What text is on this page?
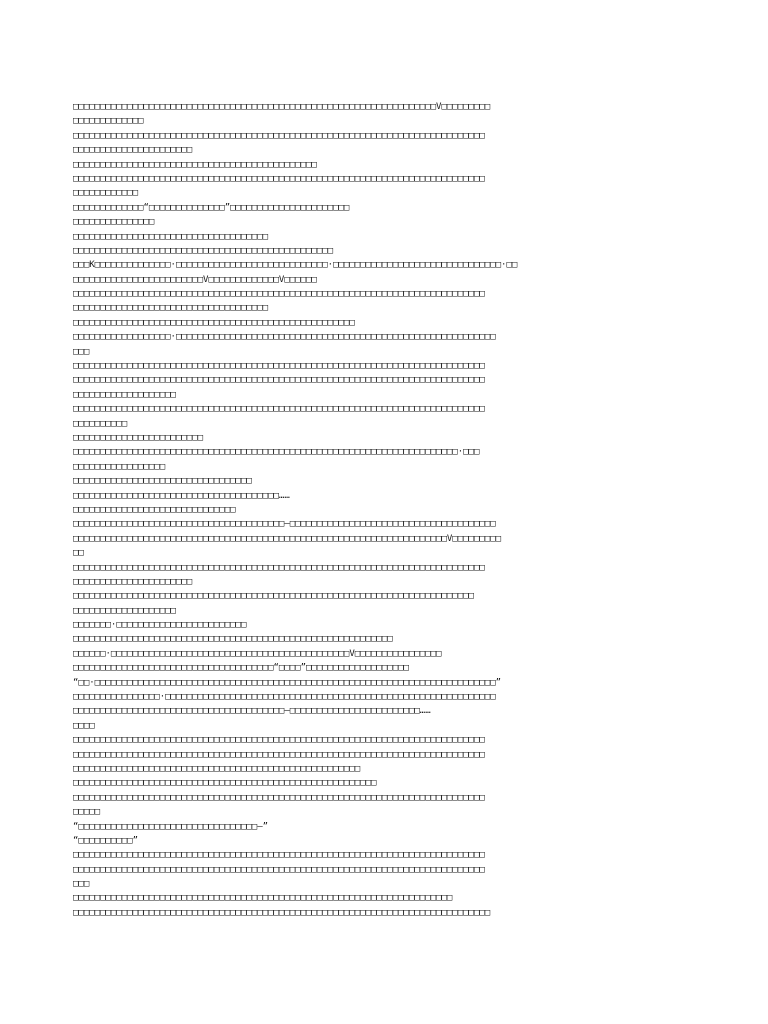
□□□□□□□□□□□□□□□□□□□□□□□□□□□□□□□□□□□□□□□□□□□□□□□□□□□□□□□□□□□□□□□□□□□V□□□□□□□□□

□□□□□□□□□□□□□

□□□□□□□□□□□□□□□□□□□□□□□□□□□□□□□□□□□□□□□□□□□□□□□□□□□□□□□□□□□□□□□□□□□□□□□□□□□□

□□□□□□□□□□□□□□□□□□□□□□

□□□□□□□□□□□□□□□□□□□□□□□□□□□□□□□□□□□□□□□□□□□□□

□□□□□□□□□□□□□□□□□□□□□□□□□□□□□□□□□□□□□□□□□□□□□□□□□□□□□□□□□□□□□□□□□□□□□□□□□□□□

□□□□□□□□□□□□

□□□□□□□□□□□□□“□□□□□□□□□□□□□□”□□□□□□□□□□□□□□□□□□□□□□

□□□□□□□□□□□□□□□

□□□□□□□□□□□□□□□□□□□□□□□□□□□□□□□□□□□□

□□□□□□□□□□□□□□□□□□□□□□□□□□□□□□□□□□□□□□□□□□□□□□□□

□□□K□□□□□□□□□□□□□□·□□□□□□□□□□□□□□□□□□□□□□□□□□□□·□□□□□□□□□□□□□□□□□□□□□□□□□□□□□□□·□□

□□□□□□□□□□□□□□□□□□□□□□□□V□□□□□□□□□□□□□V□□□□□□

□□□□□□□□□□□□□□□□□□□□□□□□□□□□□□□□□□□□□□□□□□□□□□□□□□□□□□□□□□□□□□□□□□□□□□□□□□□□

□□□□□□□□□□□□□□□□□□□□□□□□□□□□□□□□□□□□

□□□□□□□□□□□□□□□□□□□□□□□□□□□□□□□□□□□□□□□□□□□□□□□□□□□□

□□□□□□□□□□□□□□□□□□·□□□□□□□□□□□□□□□□□□□□□□□□□□□□□□□□□□□□□□□□□□□□□□□□□□□□□□□□□□□

□□□

□□□□□□□□□□□□□□□□□□□□□□□□□□□□□□□□□□□□□□□□□□□□□□□□□□□□□□□□□□□□□□□□□□□□□□□□□□□□

□□□□□□□□□□□□□□□□□□□□□□□□□□□□□□□□□□□□□□□□□□□□□□□□□□□□□□□□□□□□□□□□□□□□□□□□□□□□

□□□□□□□□□□□□□□□□□□□

□□□□□□□□□□□□□□□□□□□□□□□□□□□□□□□□□□□□□□□□□□□□□□□□□□□□□□□□□□□□□□□□□□□□□□□□□□□□

□□□□□□□□□□

□□□□□□□□□□□□□□□□□□□□□□□□

□□□□□□□□□□□□□□□□□□□□□□□□□□□□□□□□□□□□□□□□□□□□□□□□□□□□□□□□□□□□□□□□□□□□□□□·□□□

□□□□□□□□□□□□□□□□□

□□□□□□□□□□□□□□□□□□□□□□□□□□□□□□□□□

□□□□□□□□□□□□□□□□□□□□□□□□□□□□□□□□□□□□□□……

□□□□□□□□□□□□□□□□□□□□□□□□□□□□□□

□□□□□□□□□□□□□□□□□□□□□□□□□□□□□□□□□□□□□□□—□□□□□□□□□□□□□□□□□□□□□□□□□□□□□□□□□□□□□□

□□□□□□□□□□□□□□□□□□□□□□□□□□□□□□□□□□□□□□□□□□□□□□□□□□□□□□□□□□□□□□□□□□□□□V□□□□□□□□□

□□

□□□□□□□□□□□□□□□□□□□□□□□□□□□□□□□□□□□□□□□□□□□□□□□□□□□□□□□□□□□□□□□□□□□□□□□□□□□□

□□□□□□□□□□□□□□□□□□□□□□

□□□□□□□□□□□□□□□□□□□□□□□□□□□□□□□□□□□□□□□□□□□□□□□□□□□□□□□□□□□□□□□□□□□□□□□□□□

□□□□□□□□□□□□□□□□□□□

□□□□□□□·□□□□□□□□□□□□□□□□□□□□□□□□

□□□□□□□□□□□□□□□□□□□□□□□□□□□□□□□□□□□□□□□□□□□□□□□□□□□□□□□□□□□

□□□□□□·□□□□□□□□□□□□□□□□□□□□□□□□□□□□□□□□□□□□□□□□□□□□V□□□□□□□□□□□□□□□□

□□□□□□□□□□□□□□□□□□□□□□□□□□□□□□□□□□□□□“□□□□”□□□□□□□□□□□□□□□□□□□

“□□·□□□□□□□□□□□□□□□□□□□□□□□□□□□□□□□□□□□□□□□□□□□□□□□□□□□□□□□□□□□□□□□□□□□□□□□□□□”

□□□□□□□□□□□□□□□□·□□□□□□□□□□□□□□□□□□□□□□□□□□□□□□□□□□□□□□□□□□□□□□□□□□□□□□□□□□□□□

□□□□□□□□□□□□□□□□□□□□□□□□□□□□□□□□□□□□□□□—□□□□□□□□□□□□□□□□□□□□□□□□……

□□□□

□□□□□□□□□□□□□□□□□□□□□□□□□□□□□□□□□□□□□□□□□□□□□□□□□□□□□□□□□□□□□□□□□□□□□□□□□□□□

□□□□□□□□□□□□□□□□□□□□□□□□□□□□□□□□□□□□□□□□□□□□□□□□□□□□□□□□□□□□□□□□□□□□□□□□□□□□

□□□□□□□□□□□□□□□□□□□□□□□□□□□□□□□□□□□□□□□□□□□□□□□□□□□□□

□□□□□□□□□□□□□□□□□□□□□□□□□□□□□□□□□□□□□□□□□□□□□□□□□□□□□□□□

□□□□□□□□□□□□□□□□□□□□□□□□□□□□□□□□□□□□□□□□□□□□□□□□□□□□□□□□□□□□□□□□□□□□□□□□□□□□

□□□□□

“□□□□□□□□□□□□□□□□□□□□□□□□□□□□□□□□□—”

“□□□□□□□□□□”

□□□□□□□□□□□□□□□□□□□□□□□□□□□□□□□□□□□□□□□□□□□□□□□□□□□□□□□□□□□□□□□□□□□□□□□□□□□□

□□□□□□□□□□□□□□□□□□□□□□□□□□□□□□□□□□□□□□□□□□□□□□□□□□□□□□□□□□□□□□□□□□□□□□□□□□□□

□□□

□□□□□□□□□□□□□□□□□□□□□□□□□□□□□□□□□□□□□□□□□□□□□□□□□□□□□□□□□□□□□□□□□□□□□□

□□□□□□□□□□□□□□□□□□□□□□□□□□□□□□□□□□□□□□□□□□□□□□□□□□□□□□□□□□□□□□□□□□□□□□□□□□□□□
